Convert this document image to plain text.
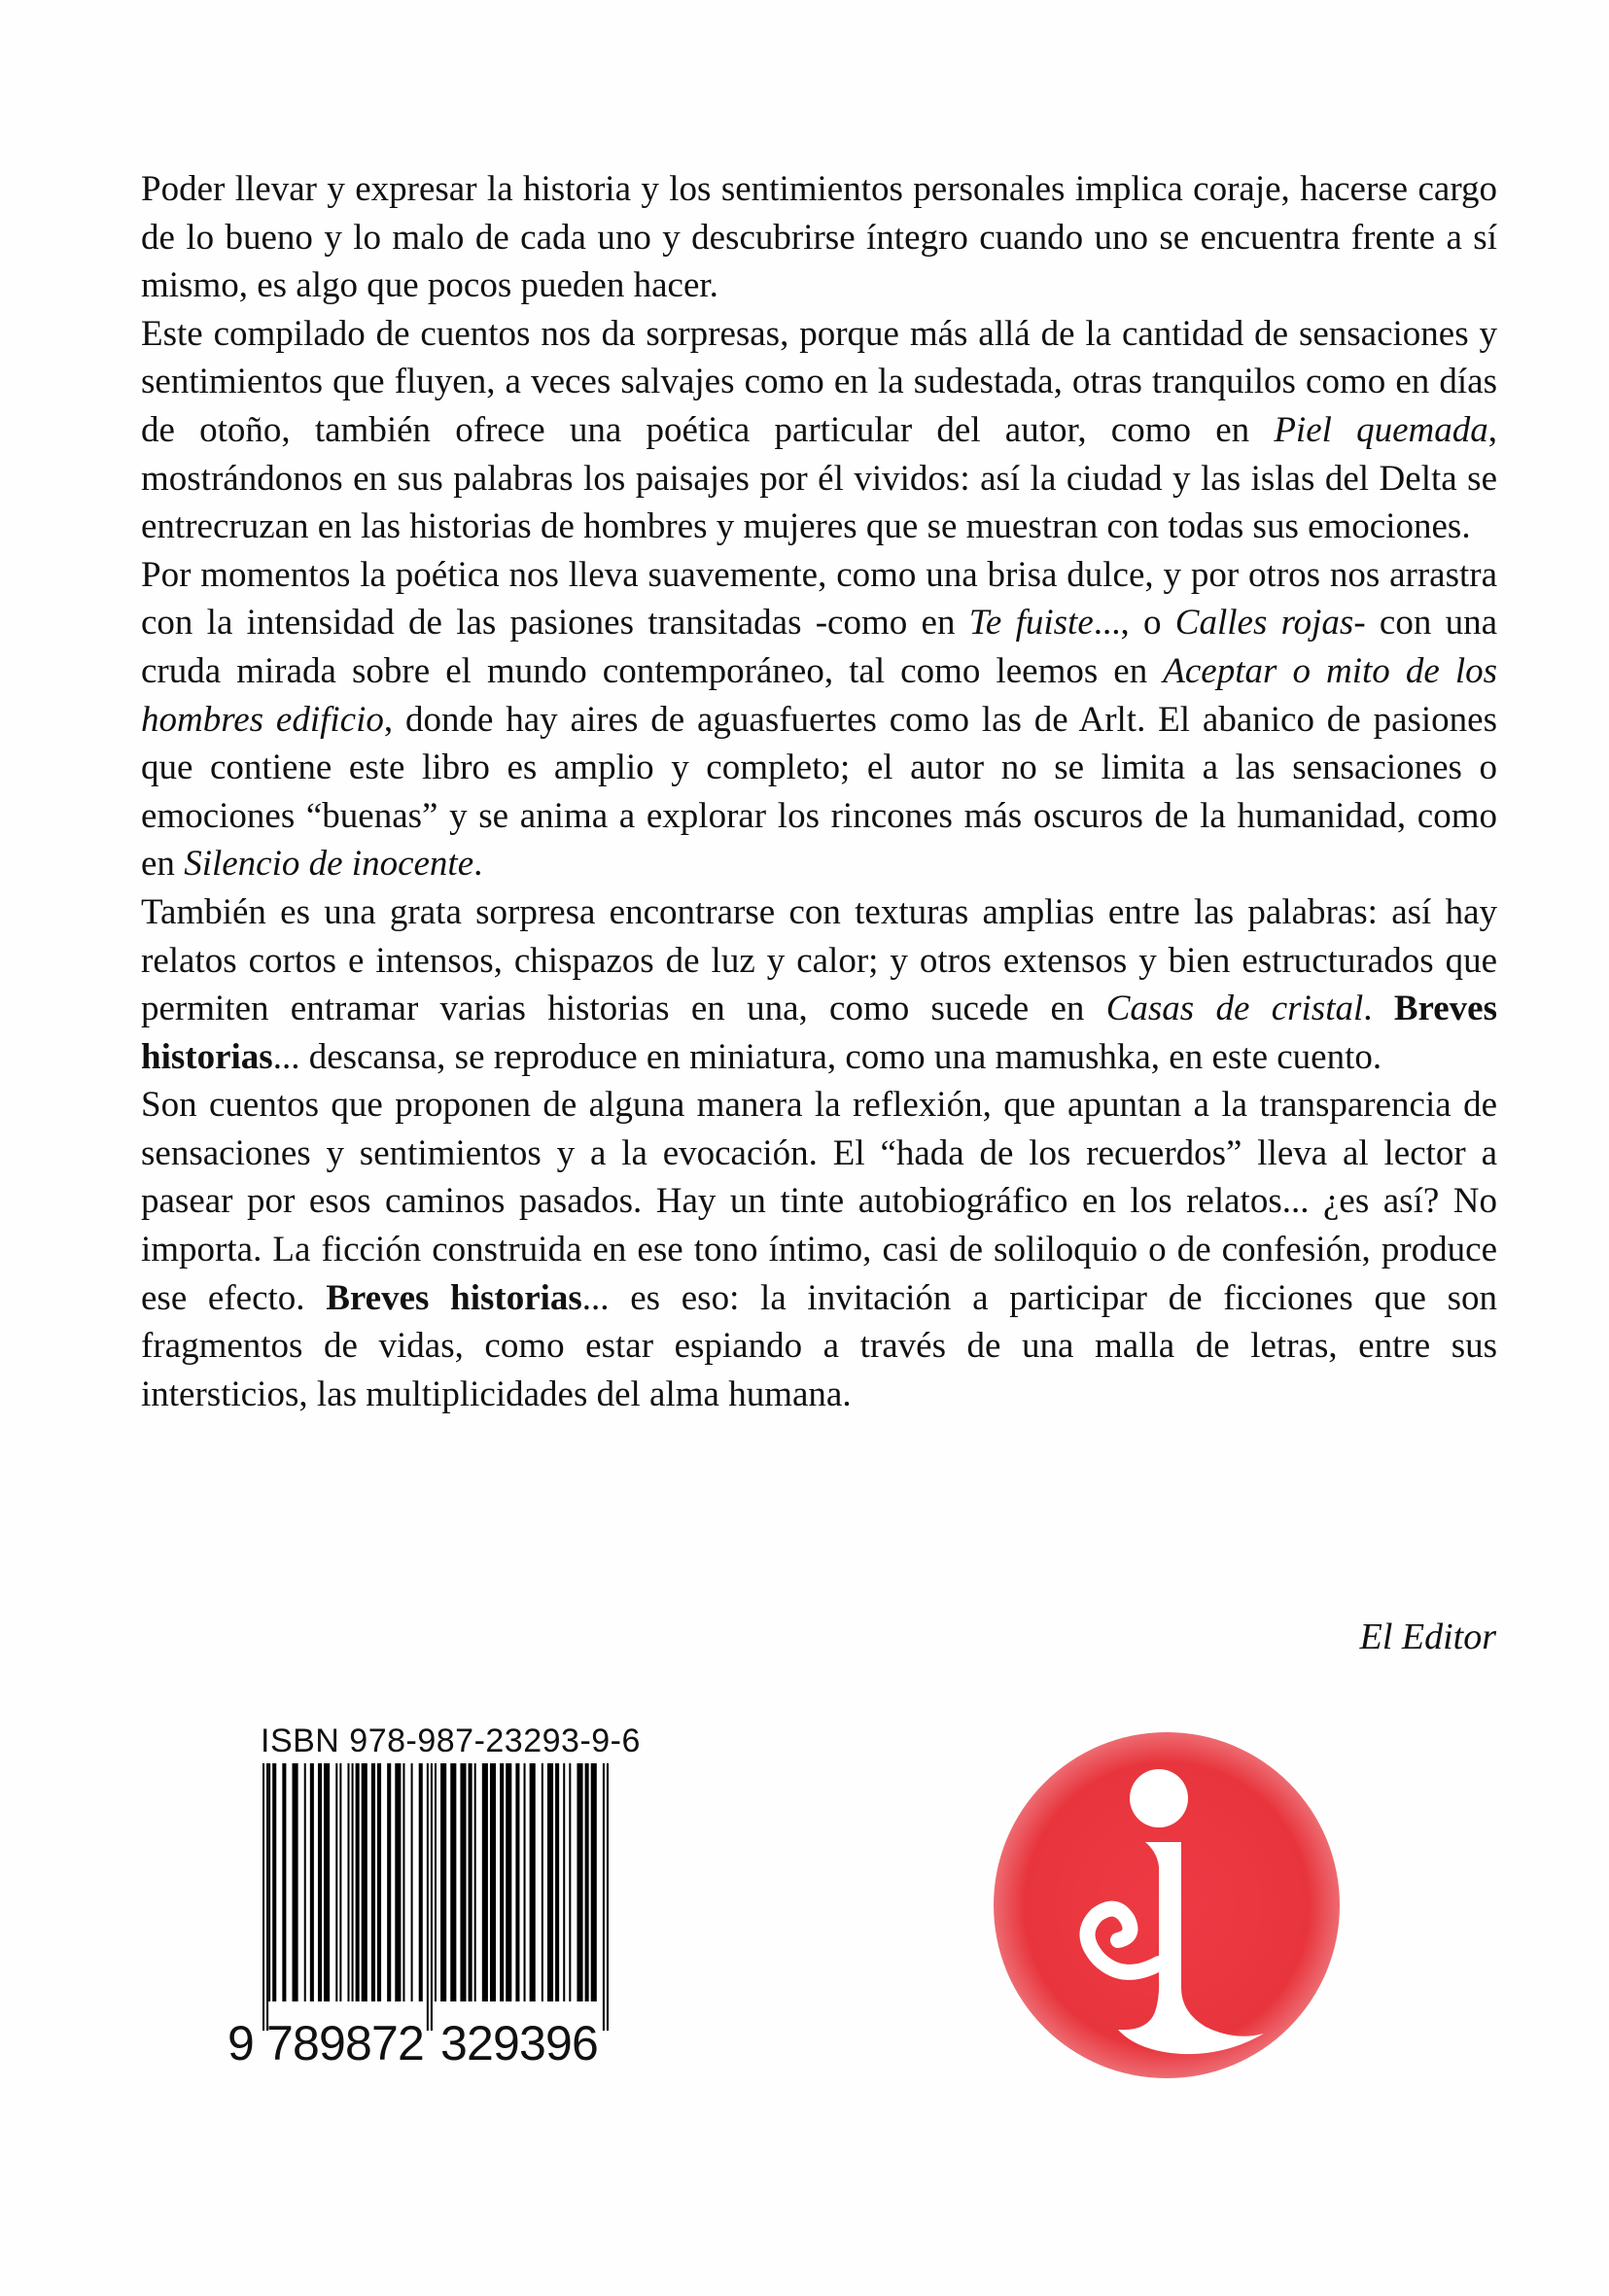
Poder llevar y expresar la historia y los sentimientos personales implica coraje, hacerse cargo de lo bueno y lo malo de cada uno y descubrirse íntegro cuando uno se encuentra frente a sí mismo, es algo que pocos pueden hacer.

Este compilado de cuentos nos da sorpresas, porque más allá de la cantidad de sensaciones y sentimientos que fluyen, a veces salvajes como en la sudestada, otras tranquilos como en días de otoño, también ofrece una poética particular del autor, como en Piel quemada, mostrándonos en sus palabras los paisajes por él vividos: así la ciudad y las islas del Delta se entrecruzan en las historias de hombres y mujeres que se muestran con todas sus emociones.

Por momentos la poética nos lleva suavemente, como una brisa dulce, y por otros nos arrastra con la intensidad de las pasiones transitadas -como en Te fuiste..., o Calles rojas- con una cruda mirada sobre el mundo contemporáneo, tal como leemos en Aceptar o mito de los hombres edificio, donde hay aires de aguasfuertes como las de Arlt. El abanico de pasiones que contiene este libro es amplio y completo; el autor no se limita a las sensaciones o emociones “buenas” y se anima a explorar los rincones más oscuros de la humanidad, como en Silencio de inocente.

También es una grata sorpresa encontrarse con texturas amplias entre las palabras: así hay relatos cortos e intensos, chispazos de luz y calor; y otros extensos y bien estructurados que permiten entramar varias historias en una, como sucede en Casas de cristal. Breves historias... descansa, se reproduce en miniatura, como una mamushka, en este cuento.

Son cuentos que proponen de alguna manera la reflexión, que apuntan a la transparencia de sensaciones y sentimientos y a la evocación. El “hada de los recuerdos” lleva al lector a pasear por esos caminos pasados. Hay un tinte autobiográfico en los relatos... ¿es así? No importa. La ficción construida en ese tono íntimo, casi de soliloquio o de confesión, produce ese efecto. Breves historias... es eso: la invitación a participar de ficciones que son fragmentos de vidas, como estar espiando a través de una malla de letras, entre sus intersticios, las multiplicidades del alma humana.

El Editor
ISBN 978-987-23293-9-6
9 7 8 9 8 7 2 3 2 9 3 9 6
